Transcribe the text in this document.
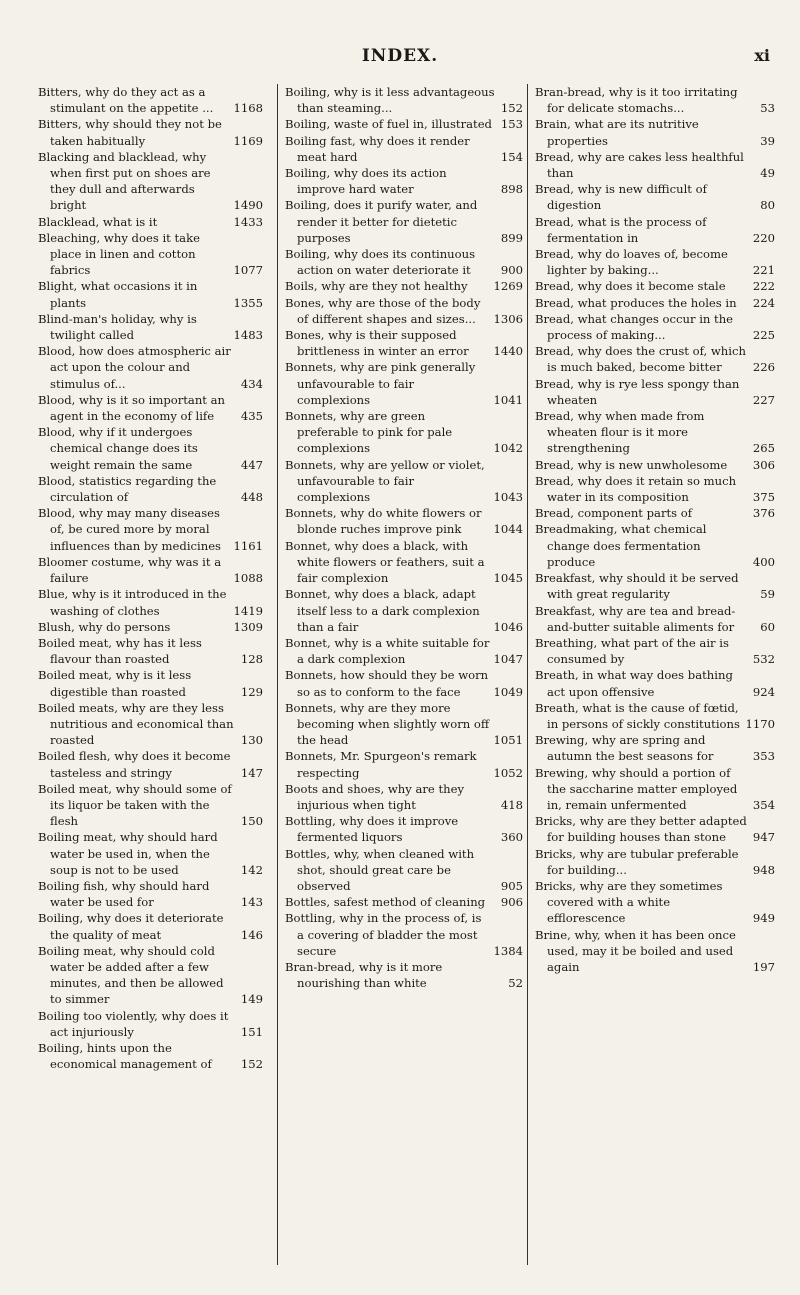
INDEX.	xi
Bitters, why do they act as a stimulant on the appetite ...	1168
Bitters, why should they not be taken habitually	1169
Blacking and blacklead, why when first put on shoes are they dull and afterwards bright	1490
Blacklead, what is it	1433
Bleaching, why does it take place in linen and cotton fabrics	1077
Blight, what occasions it in plants	1355
Blind-man's holiday, why is twilight called	1483
Blood, how does atmospheric air act upon the colour and stimulus of...	434
Blood, why is it so important an agent in the economy of life	435
Blood, why if it undergoes chemical change does its weight remain the same	447
Blood, statistics regarding the circulation of	448
Blood, why may many diseases of, be cured more by moral influences than by medicines	1161
Bloomer costume, why was it a failure	1088
Blue, why is it introduced in the washing of clothes	1419
Blush, why do persons	1309
Boiled meat, why has it less flavour than roasted	128
Boiled meat, why is it less digestible than roasted	129
Boiled meats, why are they less nutritious and economical than roasted	130
Boiled flesh, why does it become tasteless and stringy	147
Boiled meat, why should some of its liquor be taken with the flesh	150
Boiling meat, why should hard water be used in, when the soup is not to be used	142
Boiling fish, why should hard water be used for	143
Boiling, why does it deteriorate the quality of meat	146
Boiling meat, why should cold water be added after a few minutes, and then be allowed to simmer	149
Boiling too violently, why does it act injuriously	151
Boiling, hints upon the economical management of	152
Boiling, why is it less advantageous than steaming...	152
Boiling, waste of fuel in, illustrated 153
Boiling fast, why does it render meat hard	154
Boiling, why does its action improve hard water	898
Boiling, does it purify water, and render it better for dietetic purposes	899
Boiling, why does its continuous action on water deteriorate it	900
Boils, why are they not healthy	1269
Bones, why are those of the body of different shapes and sizes...	1306
Bones, why is their supposed brittleness in winter an error	1440
Bonnets, why are pink generally unfavourable to fair complexions	1041
Bonnets, why are green preferable to pink for pale complexions	1042
Bonnets, why are yellow or violet, unfavourable to fair complexions	1043
Bonnets, why do white flowers or blonde ruches improve pink	1044
Bonnet, why does a black, with white flowers or feathers, suit a fair complexion	1045
Bonnet, why does a black, adapt itself less to a dark complexion than a fair	1046
Bonnet, why is a white suitable for a dark complexion	1047
Bonnets, how should they be worn so as to conform to the face	1049
Bonnets, why are they more becoming when slightly worn off the head	1051
Bonnets, Mr. Spurgeon's remark respecting	1052
Boots and shoes, why are they injurious when tight	418
Bottling, why does it improve fermented liquors	360
Bottles, why, when cleaned with shot, should great care be observed	905
Bottles, safest method of cleaning	906
Bottling, why in the process of, is a covering of bladder the most secure	1384
Bran-bread, why is it more nourishing than white	52
Bran-bread, why is it too irritating for delicate stomachs...	53
Brain, what are its nutritive properties	39
Bread, why are cakes less healthful than	49
Bread, why is new difficult of digestion	80
Bread, what is the process of fermentation in	220
Bread, why do loaves of, become lighter by baking...	221
Bread, why does it become stale	222
Bread, what produces the holes in	224
Bread, what changes occur in the process of making...	225
Bread, why does the crust of, which is much baked, become bitter	226
Bread, why is rye less spongy than wheaten	227
Bread, why when made from wheaten flour is it more strengthening	265
Bread, why is new unwholesome	306
Bread, why does it retain so much water in its composition	375
Bread, component parts of	376
Breadmaking, what chemical change does fermentation produce	400
Breakfast, why should it be served with great regularity	59
Breakfast, why are tea and bread-and-butter suitable aliments for	60
Breathing, what part of the air is consumed by	532
Breath, in what way does bathing act upon offensive	924
Breath, what is the cause of fœtid, in persons of sickly constitutions 1170
Brewing, why are spring and autumn the best seasons for	353
Brewing, why should a portion of the saccharine matter employed in, remain unfermented	354
Bricks, why are they better adapted for building houses than stone	947
Bricks, why are tubular preferable for building...	948
Bricks, why are they sometimes covered with a white efflorescence	949
Brine, why, when it has been once used, may it be boiled and used again	197
